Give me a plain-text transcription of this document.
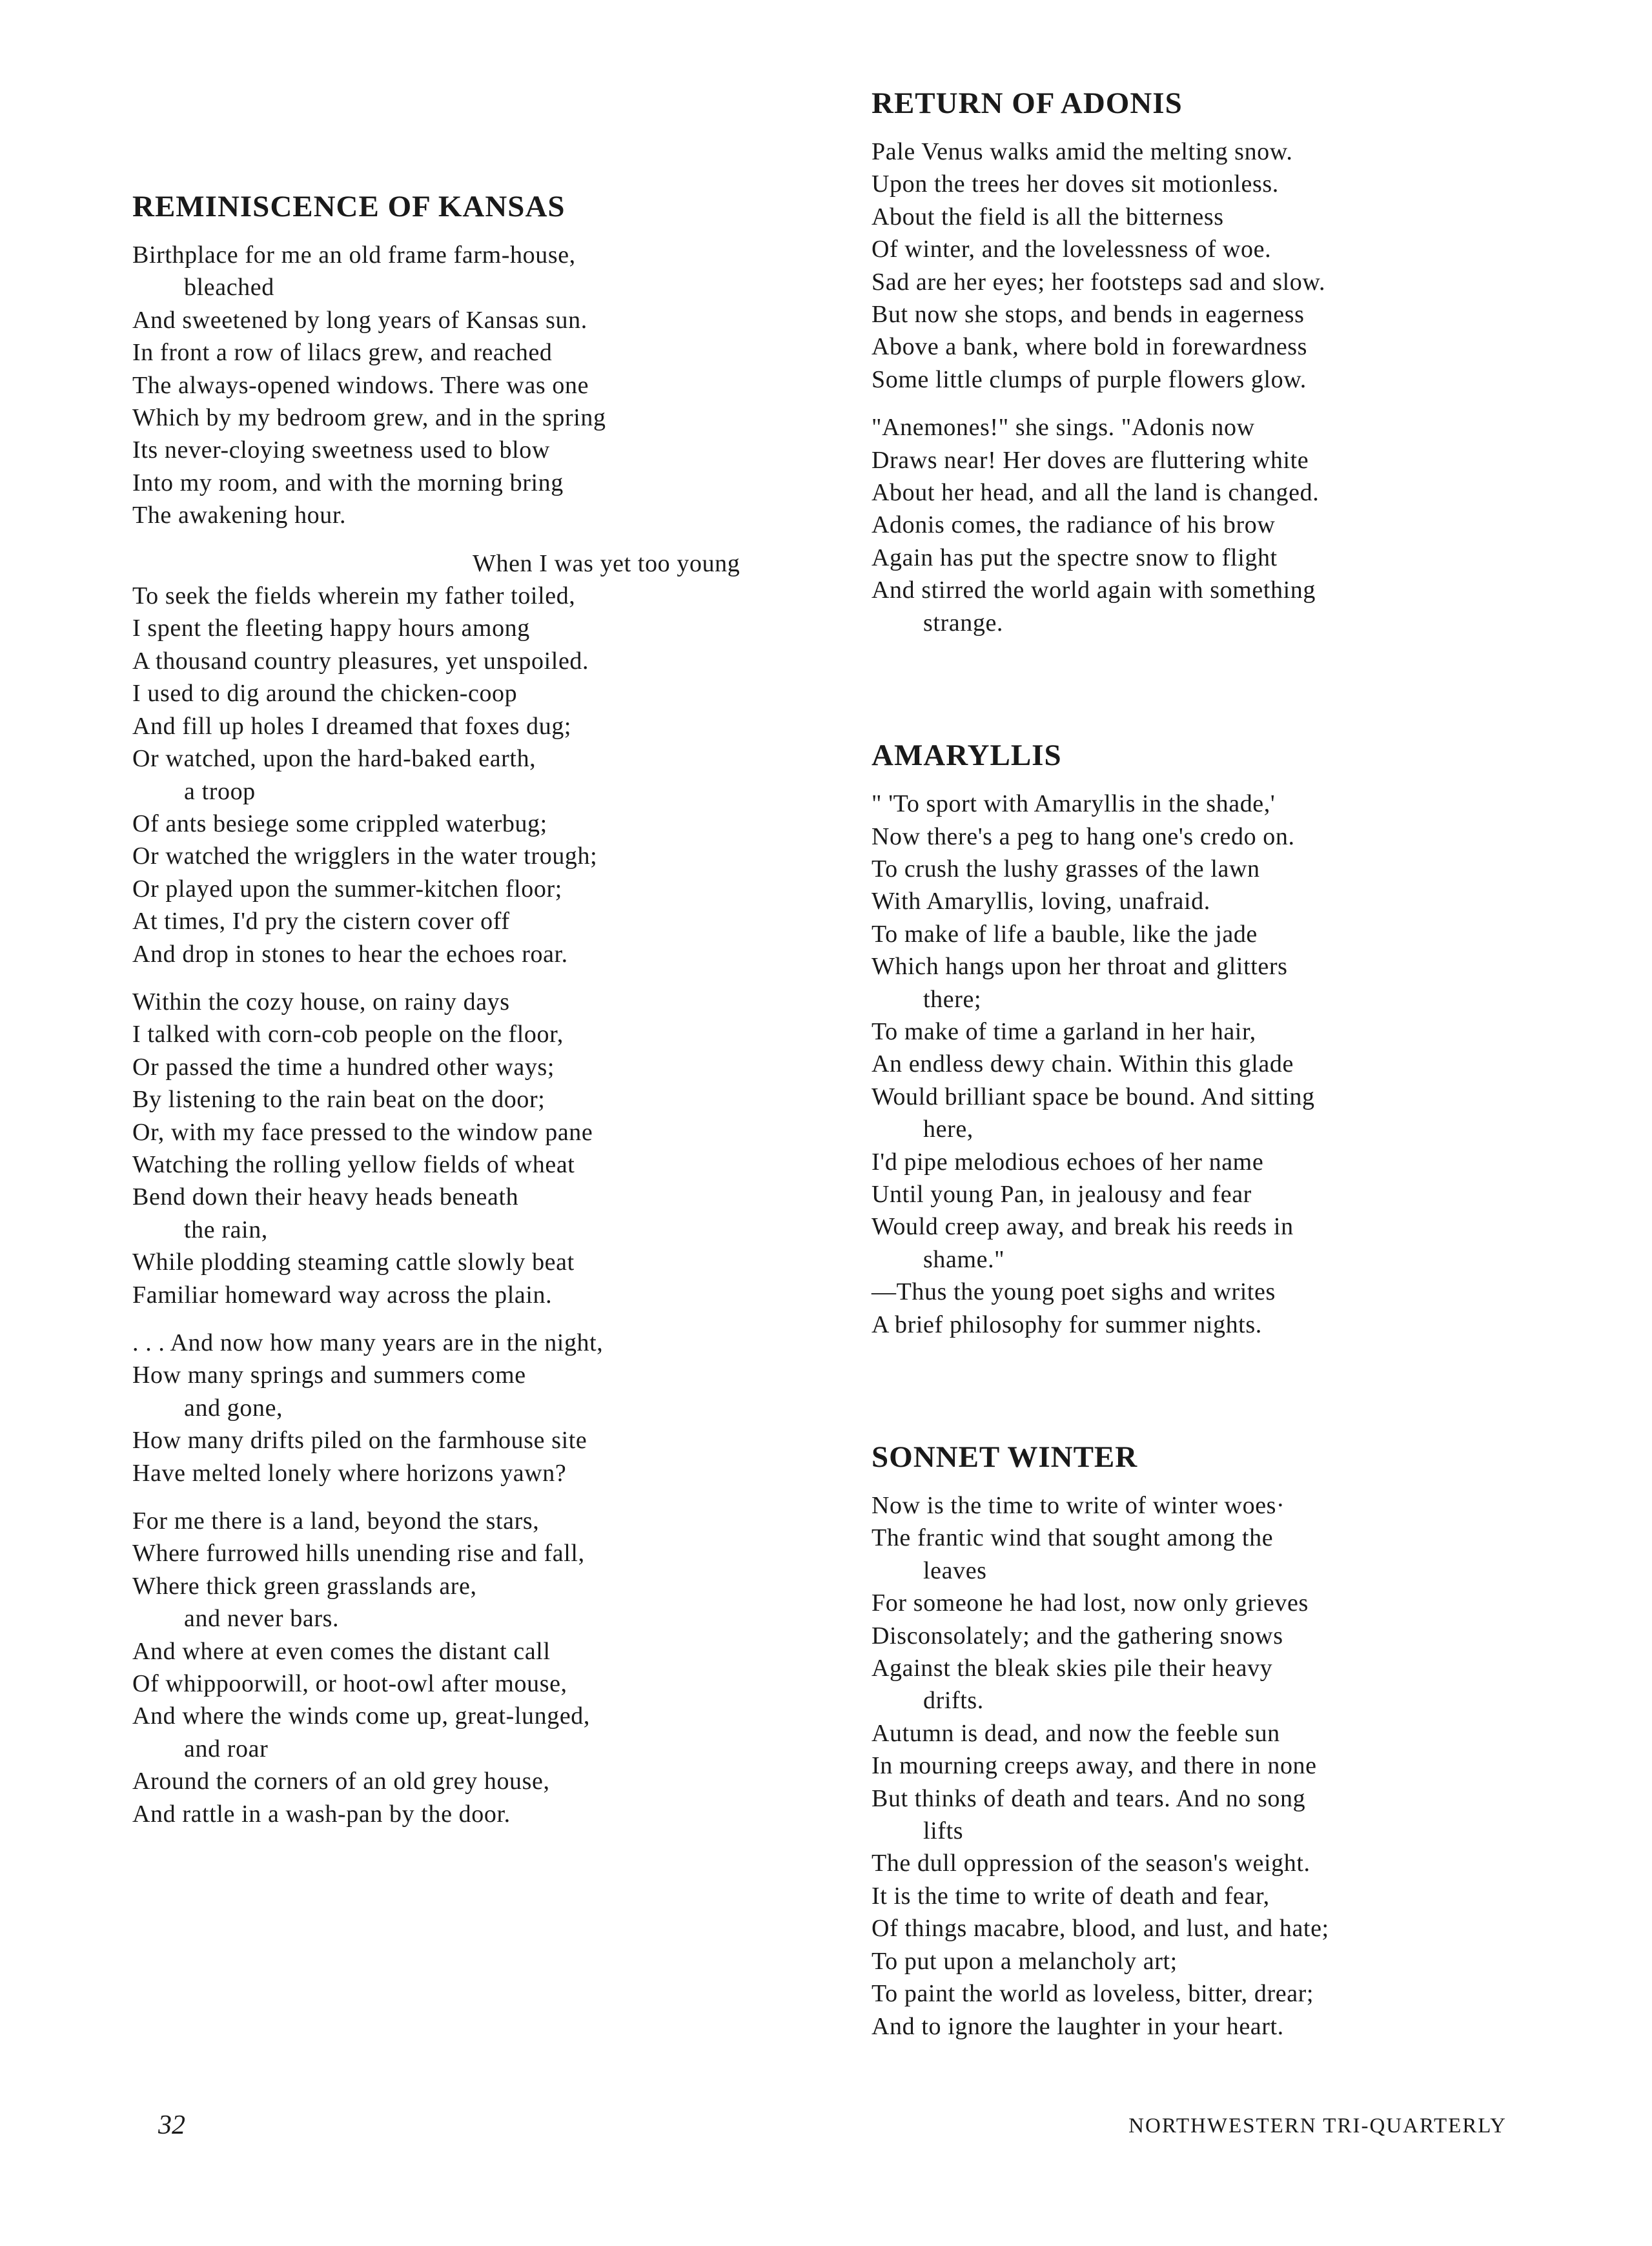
REMINISCENCE OF KANSAS
Birthplace for me an old frame farm-house,
bleached
And sweetened by long years of Kansas sun.
In front a row of lilacs grew, and reached
The always-opened windows. There was one
Which by my bedroom grew, and in the spring
Its never-cloying sweetness used to blow
Into my room, and with the morning bring
The awakening hour.
When I was yet too young
To seek the fields wherein my father toiled,
I spent the fleeting happy hours among
A thousand country pleasures, yet unspoiled.
I used to dig around the chicken-coop
And fill up holes I dreamed that foxes dug;
Or watched, upon the hard-baked earth,
a troop
Of ants besiege some crippled waterbug;
Or watched the wrigglers in the water trough;
Or played upon the summer-kitchen floor;
At times, I'd pry the cistern cover off
And drop in stones to hear the echoes roar.
Within the cozy house, on rainy days
I talked with corn-cob people on the floor,
Or passed the time a hundred other ways;
By listening to the rain beat on the door;
Or, with my face pressed to the window pane
Watching the rolling yellow fields of wheat
Bend down their heavy heads beneath
the rain,
While plodding steaming cattle slowly beat
Familiar homeward way across the plain.
. . . And now how many years are in the night,
How many springs and summers come
and gone,
How many drifts piled on the farmhouse site
Have melted lonely where horizons yawn?
For me there is a land, beyond the stars,
Where furrowed hills unending rise and fall,
Where thick green grasslands are,
and never bars.
And where at even comes the distant call
Of whippoorwill, or hoot-owl after mouse,
And where the winds come up, great-lunged,
and roar
Around the corners of an old grey house,
And rattle in a wash-pan by the door.
RETURN OF ADONIS
Pale Venus walks amid the melting snow.
Upon the trees her doves sit motionless.
About the field is all the bitterness
Of winter, and the lovelessness of woe.
Sad are her eyes; her footsteps sad and slow.
But now she stops, and bends in eagerness
Above a bank, where bold in forewardness
Some little clumps of purple flowers glow.
"Anemones!" she sings. "Adonis now
Draws near! Her doves are fluttering white
About her head, and all the land is changed.
Adonis comes, the radiance of his brow
Again has put the spectre snow to flight
And stirred the world again with something
strange.
AMARYLLIS
" 'To sport with Amaryllis in the shade,'
Now there's a peg to hang one's credo on.
To crush the lushy grasses of the lawn
With Amaryllis, loving, unafraid.
To make of life a bauble, like the jade
Which hangs upon her throat and glitters
there;
To make of time a garland in her hair,
An endless dewy chain. Within this glade
Would brilliant space be bound. And sitting
here,
I'd pipe melodious echoes of her name
Until young Pan, in jealousy and fear
Would creep away, and break his reeds in
shame."
—Thus the young poet sighs and writes
A brief philosophy for summer nights.
SONNET WINTER
Now is the time to write of winter woes·
The frantic wind that sought among the
leaves
For someone he had lost, now only grieves
Disconsolately; and the gathering snows
Against the bleak skies pile their heavy
drifts.
Autumn is dead, and now the feeble sun
In mourning creeps away, and there in none
But thinks of death and tears. And no song
lifts
The dull oppression of the season's weight.
It is the time to write of death and fear,
Of things macabre, blood, and lust, and hate;
To put upon a melancholy art;
To paint the world as loveless, bitter, drear;
And to ignore the laughter in your heart.
32	NORTHWESTERN TRI-QUARTERLY
